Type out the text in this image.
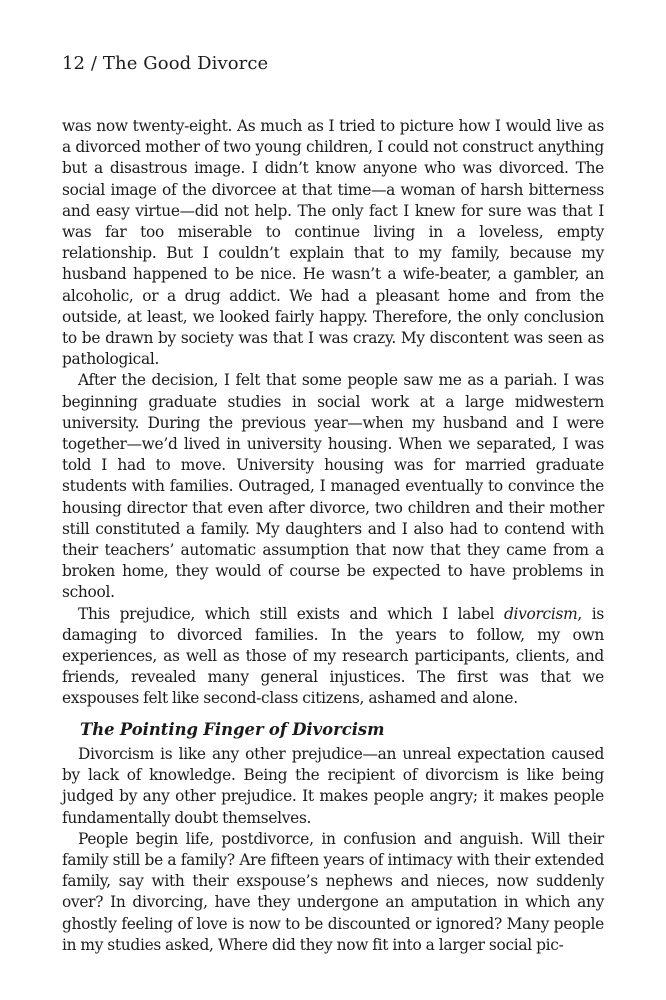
12 / The Good Divorce

was now twenty-eight. As much as I tried to picture how I would live as a divorced mother of two young children, I could not construct anything but a disastrous image. I didn’t know anyone who was divorced. The social image of the divorcee at that time—a woman of harsh bitterness and easy virtue—did not help. The only fact I knew for sure was that I was far too miserable to continue living in a loveless, empty relationship. But I couldn’t explain that to my family, because my husband happened to be nice. He wasn’t a wife-beater, a gambler, an alcoholic, or a drug addict. We had a pleasant home and from the outside, at least, we looked fairly happy. Therefore, the only conclusion to be drawn by society was that I was crazy. My discontent was seen as pathological.

After the decision, I felt that some people saw me as a pariah. I was beginning graduate studies in social work at a large midwestern university. During the previous year—when my husband and I were together—we’d lived in university housing. When we separated, I was told I had to move. University housing was for married graduate students with families. Outraged, I managed eventually to convince the housing director that even after divorce, two children and their mother still constituted a family. My daughters and I also had to contend with their teachers’ automatic assumption that now that they came from a broken home, they would of course be expected to have problems in school.

This prejudice, which still exists and which I label divorcism, is damaging to divorced families. In the years to follow, my own experiences, as well as those of my research participants, clients, and friends, revealed many general injustices. The first was that we exspouses felt like second-class citizens, ashamed and alone.

The Pointing Finger of Divorcism

Divorcism is like any other prejudice—an unreal expectation caused by lack of knowledge. Being the recipient of divorcism is like being judged by any other prejudice. It makes people angry; it makes people fundamentally doubt themselves.

People begin life, postdivorce, in confusion and anguish. Will their family still be a family? Are fifteen years of intimacy with their extended family, say with their exspouse’s nephews and nieces, now suddenly over? In divorcing, have they undergone an amputation in which any ghostly feeling of love is now to be discounted or ignored? Many people in my studies asked, Where did they now fit into a larger social pic-
